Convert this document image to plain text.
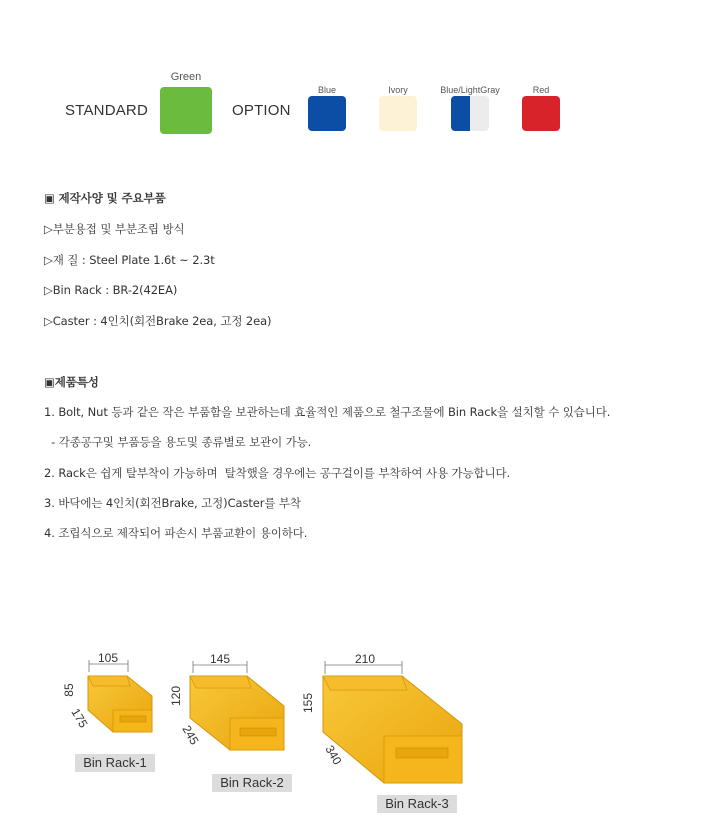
STANDARD
Green
OPTION
Blue	Ivory	Blue/LightGray	Red
▣ 제작사양 및 주요부품
▷부분용접 및 부분조립 방식
▷재 질 : Steel Plate 1.6t ~ 2.3t
▷Bin Rack : BR-2(42EA)
▷Caster : 4인치(회전Brake 2ea, 고정 2ea)
▣제품특성
1. Bolt, Nut 등과 같은 작은 부품함을 보관하는데 효율적인 제품으로 철구조물에 Bin Rack을 설치할 수 있습니다.
- 각종공구및 부품등을 용도및 종류별로 보관이 가능.
2. Rack은 쉽게 탈부착이 가능하며  탈착했을 경우에는 공구걸이를 부착하여 사용 가능합니다.
3. 바닥에는 4인치(회전Brake, 고정)Caster를 부착
4. 조립식으로 제작되어 파손시 부품교환이 용이하다.
105
85
175
145
120
245
210
155
340
Bin Rack-1
Bin Rack-2
Bin Rack-3
